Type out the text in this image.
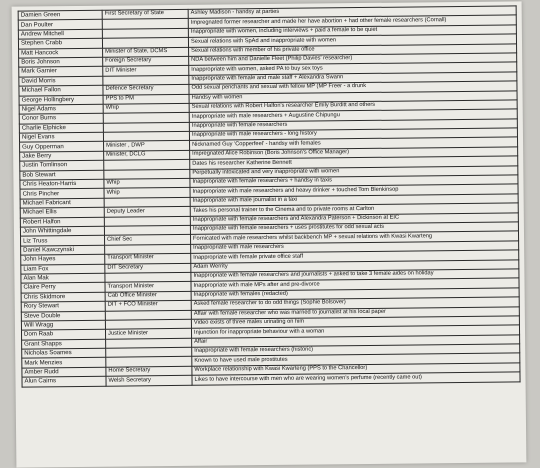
Damien Green	First Secretary of State	Ashley Madison - handsy at parties
Dan Poulter		Impregnated former researcher and made her have abortion + had other female researchers (Cornall)
Andrew Mitchell		Inappropriate with women, including interviews + paid a female to be quiet
Stephen Crabb		Sexual relations with SpAd and inappropriate with women
Matt Hancock	Minister of State, DCMS	Sexual relations with member of his private office
Boris Johnson	Foreign Secretary	NDA between him and Danielle Fleet (Philip Davies' researcher)
Mark Garnier	DIT Minister	Inappropriate with women, asked PA to buy sex toys
David Morris		Inappropriate with female and male staff + Alexandra Swann
Michael Fallon	Defence Secretary	Odd sexual penchants and sexual with fellow MP (MP Freer - a drunk
George Hollingbery	PPS to PM	Handsy with women
Nigel Adams	Whip	Sexual relations with Robert Halfon's researcher Emily Burditt and others
Conor Burns		Inappropriate with male researchers + Augustine Chipungu
Charlie Elphicke		Inappropriate with female researchers
Nigel Evans		Inappropriate with male researchers - long history
Guy Opperman	Minister , DWP	Nicknamed Guy 'Copperfeel' - handsy with females
Jake Berry	Minister, DCLG	Impregnated Alice Robinson (Boris Johnson's Office Manager)
Justin Tomlinson		Dates his researcher Katherine Bennett
Bob Stewart		Perpetually intoxicated and very inappropriate with women
Chris Heaton-Harris	Whip	Inappropriate with female researchers + handsy in taxis
Chris Pincher	Whip	Inappropriate with male researchers and heavy drinker + touched Tom Blenkinsop
Michael Fabricant		Inappropriate with male journalist in a taxi
Michael Ellis	Deputy Leader	Takes his personal trainer to the Cinema and to private rooms at Carlton
Robert Halfon		Inappropriate with female researchers and Alexandra Paterson + Dickinson at EIC
John Whittingdale		Inappropriate with female researchers + uses prostitutes for odd sexual acts
Liz Truss	Chief Sec	Fornicated with male researchers whilst backbench MP + sexual relations with Kwasi Kwarteng
Daniel Kawczynski		Inappropriate with male researchers
John Hayes	Transport Minister	Inappropriate with female private office staff
Liam Fox	DIT Secretary	Adam Werrity
Alan Mak		Inappropriate with female researchers and journalists + asked to take 3 female aides on holiday
Claire Perry	Transport Minister	Inappropriate with male MPs after and pre-divorce
Chris Skidmore	Cab Office Minister	Inappropriate with females (redacted)
Rory Stewart	DIT + FCO Minister	Asked female researcher to do odd things (Sophie Bolsover)
Steve Double		Affair with female researcher who was married to journalist at his local paper
Will Wragg		Video exists of three males urinating on him
Dom Raab	Justice Minister	Injunction for inappropriate behaviour with a woman
Grant Shapps		Affair
Nicholas Soames		Inappropriate with female researchers (historic)
Mark Menzies		Known to have used male prostitutes
Amber Rudd	Home Secretary	Workplace relationship with Kwasi Kwarteng (PPS to the Chancellor)
Alun Cairns	Welsh Secretary	Likes to have intercourse with men who are wearing women's perfume (recently came out)
